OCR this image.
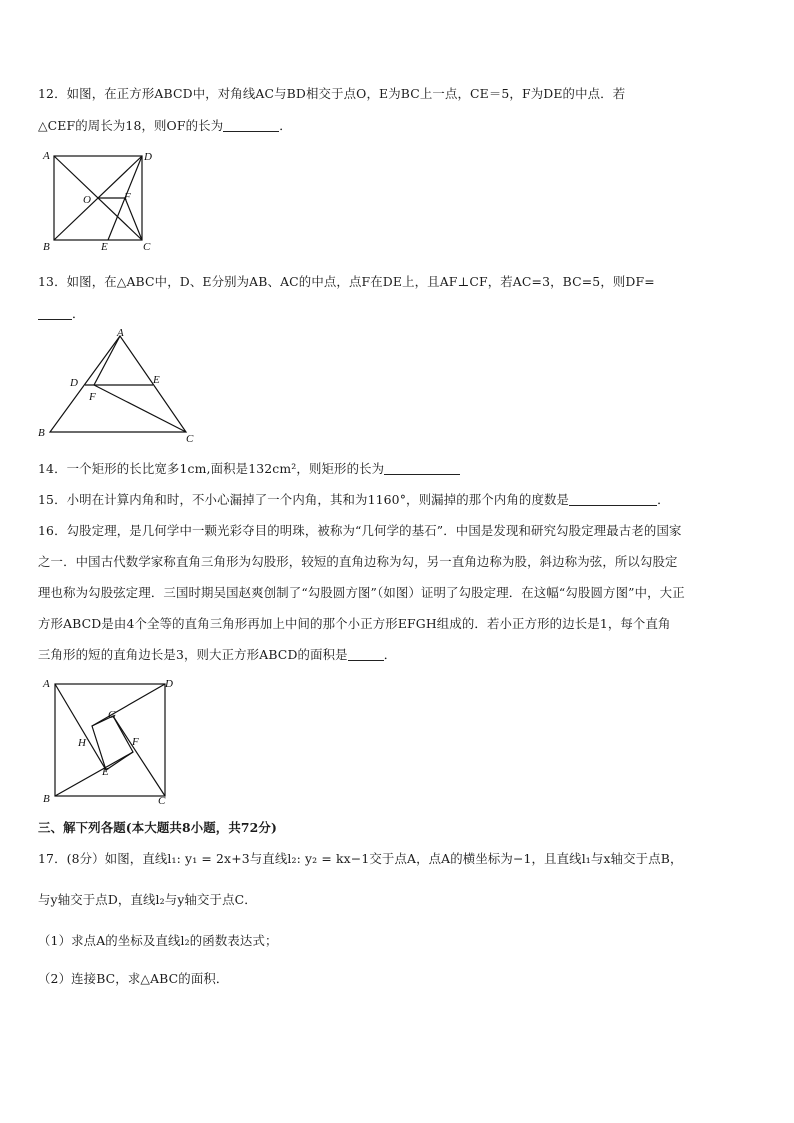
12．如图，在正方形ABCD中，对角线AC与BD相交于点O，E为BC上一点，CE＝5，F为DE的中点．若
△CEF的周长为18，则OF的长为	．
A	D
B	C
O	F
E
13．如图，在△ABC中，D、E分别为AB、AC的中点，点F在DE上，且AF⊥CF，若AC=3，BC=5，则DF=
．
A
D	E
F
B	C
14．一个矩形的长比宽多1cm,面积是132cm²，则矩形的长为
15．小明在计算内角和时，不小心漏掉了一个内角，其和为1160°，则漏掉的那个内角的度数是	．
16．勾股定理，是几何学中一颗光彩夺目的明珠，被称为“几何学的基石”．中国是发现和研究勾股定理最古老的国家
之一．中国古代数学家称直角三角形为勾股形，较短的直角边称为勾，另一直角边称为股，斜边称为弦，所以勾股定
理也称为勾股弦定理．三国时期吴国赵爽创制了“勾股圆方图”（如图）证明了勾股定理．在这幅“勾股圆方图”中，大正
方形ABCD是由4个全等的直角三角形再加上中间的那个小正方形EFGH组成的．若小正方形的边长是1，每个直角
三角形的短的直角边长是3，则大正方形ABCD的面积是	．
A	D
B	C
G
H	F
E
三、解下列各题(本大题共8小题，共72分)
17．(8分）如图，直线l₁: y₁ = 2x+3与直线l₂: y₂ = kx−1交于点A，点A的横坐标为−1，且直线l₁与x轴交于点B，
与y轴交于点D，直线l₂与y轴交于点C．
（1）求点A的坐标及直线l₂的函数表达式；
（2）连接BC，求△ABC的面积．
